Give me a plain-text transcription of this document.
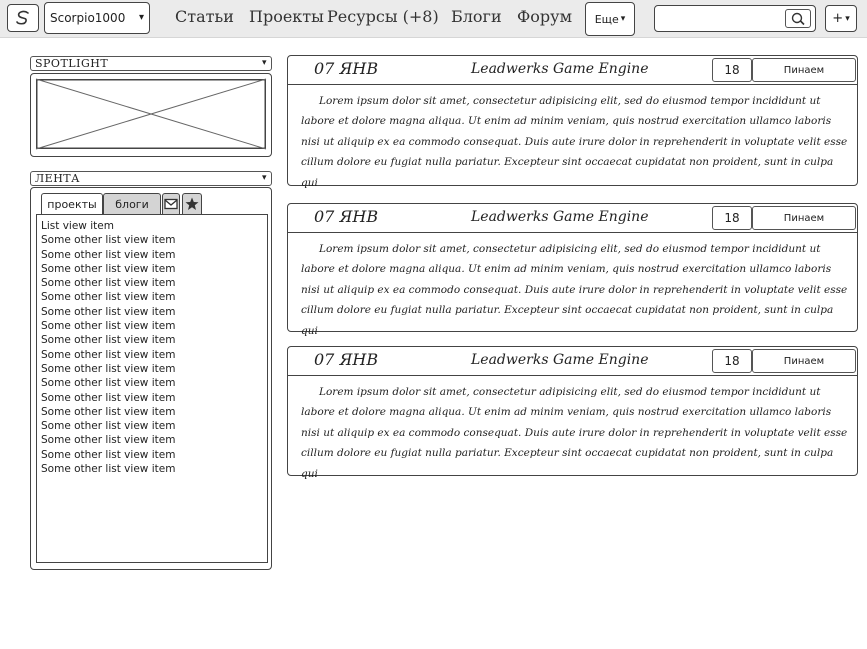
Scorpio1000 ▾ Статьи Проекты Ресурсы (+8) Блоги Форум Еще ▾	+ ▾
SPOTLIGHT	▾
ЛЕНТА	▾
проекты	блоги
List view item
Some other list view item
Some other list view item
Some other list view item
Some other list view item
Some other list view item
Some other list view item
Some other list view item
Some other list view item
Some other list view item
Some other list view item
Some other list view item
Some other list view item
Some other list view item
Some other list view item
Some other list view item
Some other list view item
Some other list view item
07 ЯНВ	Leadwerks Game Engine	18	Пинаем
Lorem ipsum dolor sit amet, consectetur adipisicing elit, sed do eiusmod tempor incididunt ut labore et dolore magna aliqua. Ut enim ad minim veniam, quis nostrud exercitation ullamco laboris nisi ut aliquip ex ea commodo consequat. Duis aute irure dolor in reprehenderit in voluptate velit esse cillum dolore eu fugiat nulla pariatur. Excepteur sint occaecat cupidatat non proident, sunt in culpa qui
07 ЯНВ	Leadwerks Game Engine	18	Пинаем
Lorem ipsum dolor sit amet, consectetur adipisicing elit, sed do eiusmod tempor incididunt ut labore et dolore magna aliqua. Ut enim ad minim veniam, quis nostrud exercitation ullamco laboris nisi ut aliquip ex ea commodo consequat. Duis aute irure dolor in reprehenderit in voluptate velit esse cillum dolore eu fugiat nulla pariatur. Excepteur sint occaecat cupidatat non proident, sunt in culpa qui
07 ЯНВ	Leadwerks Game Engine	18	Пинаем
Lorem ipsum dolor sit amet, consectetur adipisicing elit, sed do eiusmod tempor incididunt ut labore et dolore magna aliqua. Ut enim ad minim veniam, quis nostrud exercitation ullamco laboris nisi ut aliquip ex ea commodo consequat. Duis aute irure dolor in reprehenderit in voluptate velit esse cillum dolore eu fugiat nulla pariatur. Excepteur sint occaecat cupidatat non proident, sunt in culpa qui
